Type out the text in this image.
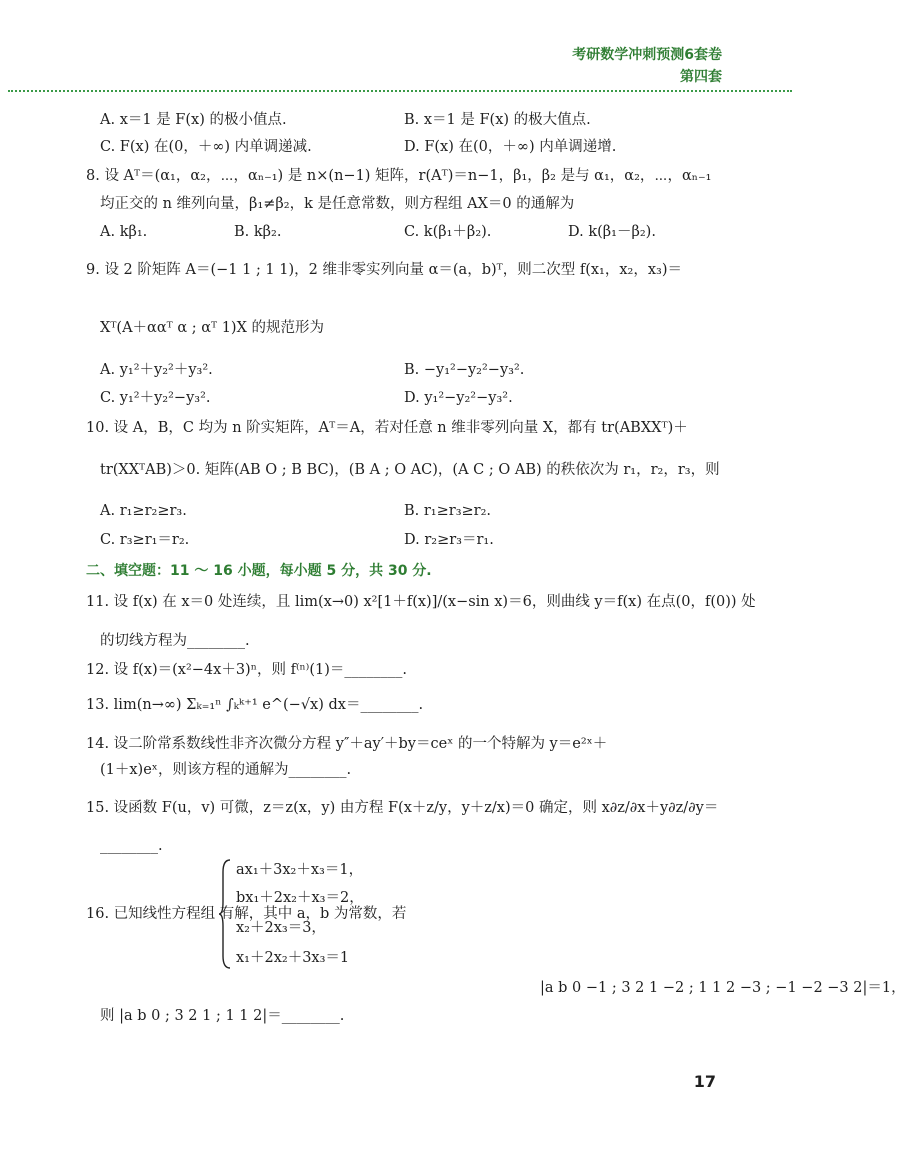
考研数学冲刺预测6套卷
第四套
A. x＝1 是 F(x) 的极小值点.	B. x＝1 是 F(x) 的极大值点.
C. F(x) 在(0，＋∞) 内单调递减.	D. F(x) 在(0，＋∞) 内单调递增.
8. 设 Aᵀ＝(α₁，α₂，⋯，αₙ₋₁) 是 n×(n−1) 矩阵，r(Aᵀ)＝n−1，β₁，β₂ 是与 α₁，α₂，⋯，αₙ₋₁
均正交的 n 维列向量，β₁≠β₂，k 是任意常数，则方程组 AX＝0 的通解为
A. kβ₁.	B. kβ₂.	C. k(β₁＋β₂).	D. k(β₁－β₂).
9. 设 2 阶矩阵 A＝(−1 1 ; 1 1)，2 维非零实列向量 α＝(a，b)ᵀ，则二次型 f(x₁，x₂，x₃)＝
Xᵀ(A＋ααᵀ α ; αᵀ 1)X 的规范形为
A. y₁²＋y₂²＋y₃².	B. −y₁²−y₂²−y₃².
C. y₁²＋y₂²−y₃².	D. y₁²−y₂²−y₃².
10. 设 A，B，C 均为 n 阶实矩阵，Aᵀ＝A，若对任意 n 维非零列向量 X，都有 tr(ABXXᵀ)＋
tr(XXᵀAB)＞0. 矩阵(AB O ; B BC)，(B A ; O AC)，(A C ; O AB) 的秩依次为 r₁，r₂，r₃，则
A. r₁≥r₂≥r₃.	B. r₁≥r₃≥r₂.
C. r₃≥r₁＝r₂.	D. r₂≥r₃＝r₁.
二、填空题：11 ～ 16 小题，每小题 5 分，共 30 分.
11. 设 f(x) 在 x＝0 处连续，且 lim(x→0) x²[1＋f(x)]/(x−sin x)＝6，则曲线 y＝f(x) 在点(0，f(0)) 处
的切线方程为________.
12. 设 f(x)＝(x²−4x＋3)ⁿ，则 f⁽ⁿ⁾(1)＝________.
13. lim(n→∞) Σₖ₌₁ⁿ ∫ₖᵏ⁺¹ e^(−√x) dx＝________.
14. 设二阶常系数线性非齐次微分方程 y″＋ay′＋by＝ceˣ 的一个特解为 y＝e²ˣ＋
(1＋x)eˣ，则该方程的通解为________.
15. 设函数 F(u，v) 可微，z＝z(x，y) 由方程 F(x＋z/y，y＋z/x)＝0 确定，则 x∂z/∂x＋y∂z/∂y＝
________.
ax₁＋3x₂＋x₃＝1，
bx₁＋2x₂＋x₃＝2，
16. 已知线性方程组 有解，其中 a，b 为常数，若
x₂＋2x₃＝3，
x₁＋2x₂＋3x₃＝1
|a b 0 −1 ; 3 2 1 −2 ; 1 1 2 −3 ; −1 −2 −3 2|＝1，
则 |a b 0 ; 3 2 1 ; 1 1 2|＝________.
17
